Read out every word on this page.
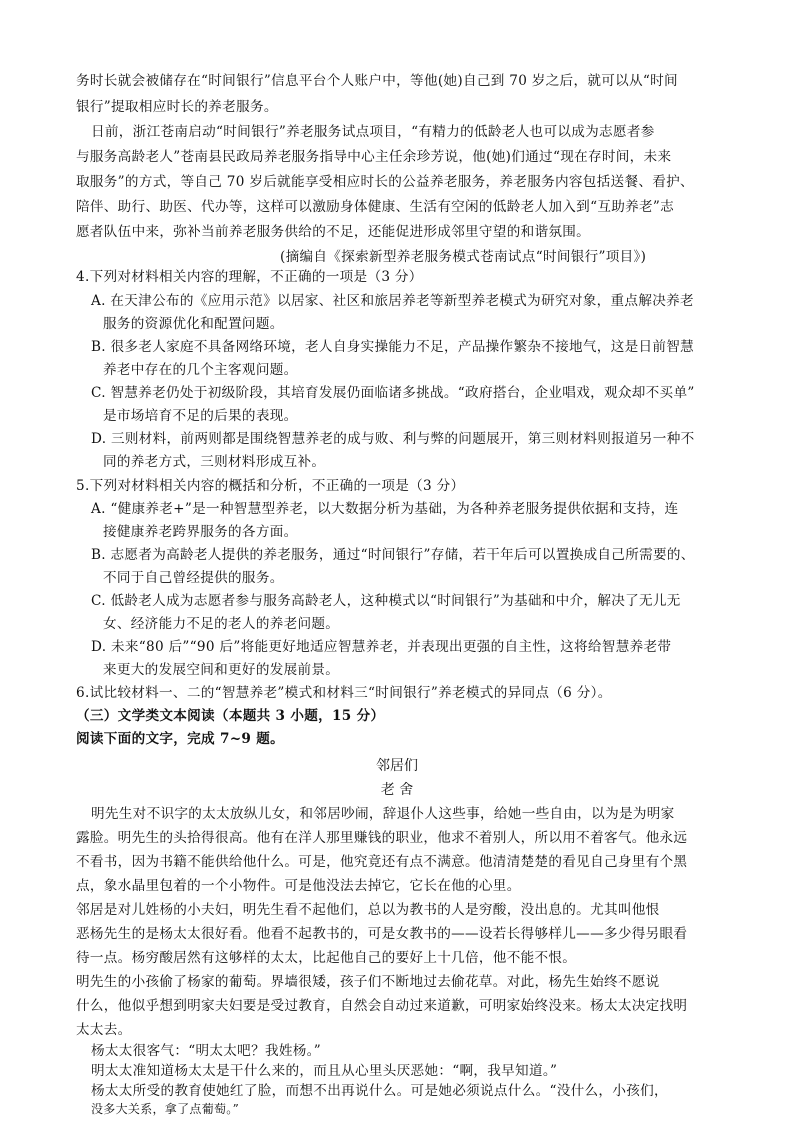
务时长就会被储存在“时间银行”信息平台个人账户中，等他(她)自己到 70 岁之后，就可以从“时间
银行”提取相应时长的养老服务。
日前，浙江苍南启动“时间银行”养老服务试点项目，“有精力的低龄老人也可以成为志愿者参
与服务高龄老人”苍南县民政局养老服务指导中心主任余珍芳说，他(她)们通过“现在存时间，未来
取服务”的方式，等自己 70 岁后就能享受相应时长的公益养老服务，养老服务内容包括送餐、看护、
陪伴、助行、助医、代办等，这样可以激励身体健康、生活有空闲的低龄老人加入到“互助养老”志
愿者队伍中来，弥补当前养老服务供给的不足，还能促进形成邻里守望的和谐氛围。
(摘编自《探索新型养老服务模式苍南试点“时间银行”项目》)
4.下列对材料相关内容的理解，不正确的一项是（3 分）
A. 在天津公布的《应用示范》以居家、社区和旅居养老等新型养老模式为研究对象，重点解决养老
服务的资源优化和配置问题。
B. 很多老人家庭不具备网络环境，老人自身实操能力不足，产品操作繁杂不接地气，这是日前智慧
养老中存在的几个主客观问题。
C. 智慧养老仍处于初级阶段，其培育发展仍面临诸多挑战。“政府搭台，企业唱戏，观众却不买单”
是市场培育不足的后果的表现。
D. 三则材料，前两则都是围绕智慧养老的成与败、利与弊的问题展开，第三则材料则报道另一种不
同的养老方式，三则材料形成互补。
5.下列对材料相关内容的概括和分析，不正确的一项是（3 分）
A. “健康养老+”是一种智慧型养老，以大数据分析为基础，为各种养老服务提供依据和支持，连
接健康养老跨界服务的各方面。
B. 志愿者为高龄老人提供的养老服务，通过“时间银行”存储，若干年后可以置换成自己所需要的、
不同于自己曾经提供的服务。
C. 低龄老人成为志愿者参与服务高龄老人，这种模式以“时间银行”为基础和中介，解决了无儿无
女、经济能力不足的老人的养老问题。
D. 未来“80 后”“90 后”将能更好地适应智慧养老，并表现出更强的自主性，这将给智慧养老带
来更大的发展空间和更好的发展前景。
6.试比较材料一、二的“智慧养老”模式和材料三“时间银行”养老模式的异同点（6 分）。
（三）文学类文本阅读（本题共 3 小题，15 分）
阅读下面的文字，完成 7~9 题。
邻居们
老 舍
明先生对不识字的太太放纵儿女，和邻居吵闹，辞退仆人这些事，给她一些自由，以为是为明家
露脸。明先生的头拾得很高。他有在洋人那里赚钱的职业，他求不着别人，所以用不着客气。他永远
不看书，因为书籍不能供给他什么。可是，他究竟还有点不满意。他清清楚楚的看见自己身里有个黑
点，象水晶里包着的一个小物件。可是他没法去掉它，它长在他的心里。
邻居是对儿姓杨的小夫妇，明先生看不起他们，总以为教书的人是穷酸，没出息的。尤其叫他恨
恶杨先生的是杨太太很好看。他看不起教书的，可是女教书的——设若长得够样儿——多少得另眼看
待一点。杨穷酸居然有这够样的太太，比起他自己的要好上十几倍，他不能不恨。
明先生的小孩偷了杨家的葡萄。界墙很矮，孩子们不断地过去偷花草。对此，杨先生始终不愿说
什么，他似乎想到明家夫妇要是受过教育，自然会自动过来道歉，可明家始终没来。杨太太决定找明
太太去。
杨太太很客气：“明太太吧？我姓杨。”
明太太准知道杨太太是干什么来的，而且从心里头厌恶她：“啊，我早知道。”
杨太太所受的教育使她红了脸，而想不出再说什么。可是她必须说点什么。“没什么，小孩们，
没多大关系，拿了点葡萄。”
